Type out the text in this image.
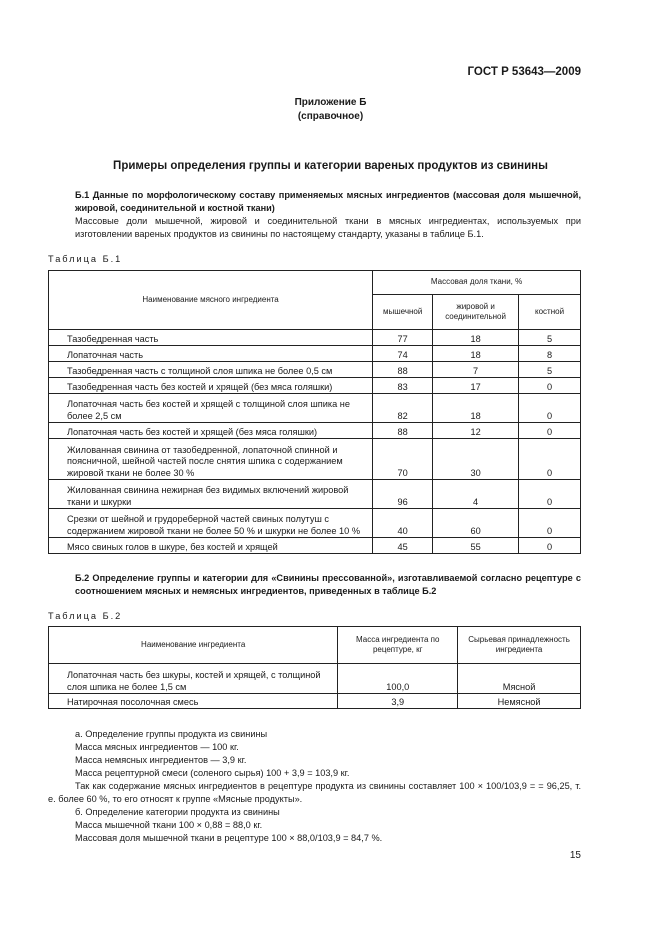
ГОСТ Р 53643—2009
Приложение Б
(справочное)
Примеры определения группы и категории вареных продуктов из свинины
Б.1 Данные по морфологическому составу применяемых мясных ингредиентов (массовая доля мышечной, жировой, соединительной и костной ткани)
Массовые доли мышечной, жировой и соединительной ткани в мясных ингредиентах, используемых при изготовлении вареных продуктов из свинины по настоящему стандарту, указаны в таблице Б.1.
Таблица Б.1
Наименование мясного ингредиента	Массовая доля ткани, %		
	мышечной	жировой и соединительной	костной
Тазобедренная часть	77	18	5
Лопаточная часть	74	18	8
Тазобедренная часть с толщиной слоя шпика не более 0,5 см	88	7	5
Тазобедренная часть без костей и хрящей (без мяса голяшки)	83	17	0
Лопаточная часть без костей и хрящей с толщиной слоя шпика не более 2,5 см	82	18	0
Лопаточная часть без костей и хрящей (без мяса голяшки)	88	12	0
Жилованная свинина от тазобедренной, лопаточной спинной и поясничной, шейной частей после снятия шпика с содержанием жировой ткани не более 30 %	70	30	0
Жилованная свинина нежирная без видимых включений жировой ткани и шкурки	96	4	0
Срезки от шейной и грудореберной частей свиных полутуш с содержанием жировой ткани не более 50 % и шкурки не более 10 %	40	60	0
Мясо свиных голов в шкуре, без костей и хрящей	45	55	0
Б.2 Определение группы и категории для «Свинины прессованной», изготавливаемой согласно рецептуре с соотношением мясных и немясных ингредиентов, приведенных в таблице Б.2
Таблица Б.2
Наименование ингредиента	Масса ингредиента по рецептуре, кг	Сырьевая принадлежность ингредиента
Лопаточная часть без шкуры, костей и хрящей, с толщиной слоя шпика не более 1,5 см	100,0	Мясной
Натирочная посолочная смесь	3,9	Немясной
а. Определение группы продукта из свинины
Масса мясных ингредиентов — 100 кг.
Масса немясных ингредиентов — 3,9 кг.
Масса рецептурной смеси (соленого сырья) 100 + 3,9 = 103,9 кг.
Так как содержание мясных ингредиентов в рецептуре продукта из свинины составляет 100 × 100/103,9 = = 96,25, т. е. более 60 %, то его относят к группе «Мясные продукты».
б. Определение категории продукта из свинины
Масса мышечной ткани 100 × 0,88 = 88,0 кг.
Массовая доля мышечной ткани в рецептуре 100 × 88,0/103,9 = 84,7 %.
15
